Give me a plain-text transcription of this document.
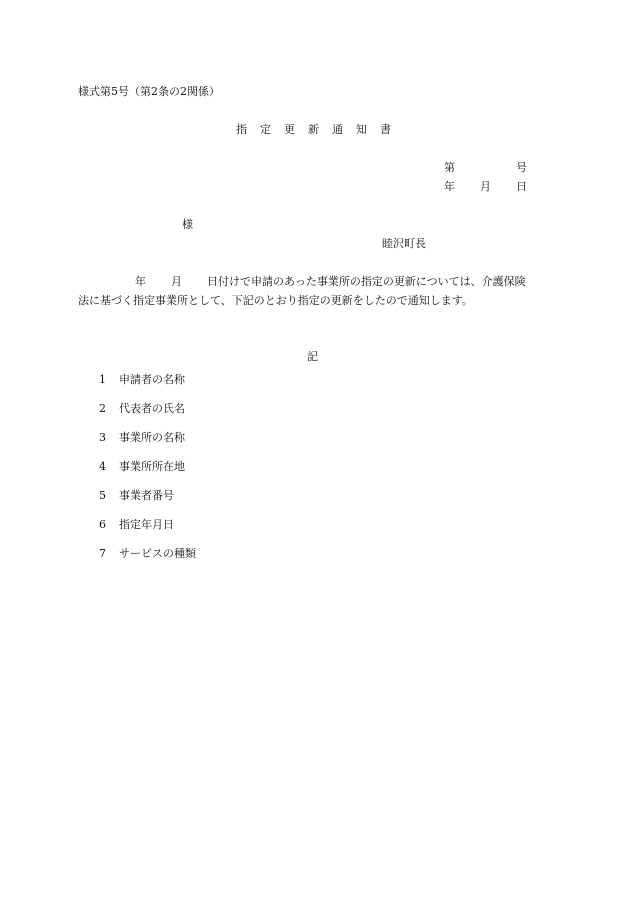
様式第5号（第2条の2関係）
指　定　更　新　通　知　書
第	号
年 月 日
様
睦沢町長
年 月 日付けで申請のあった事業所の指定の更新については、介護保険
法に基づく指定事業所として、下記のとおり指定の更新をしたので通知します。
記
1 申請者の名称
2 代表者の氏名
3 事業所の名称
4 事業所所在地
5 事業者番号
6 指定年月日
7 サービスの種類
